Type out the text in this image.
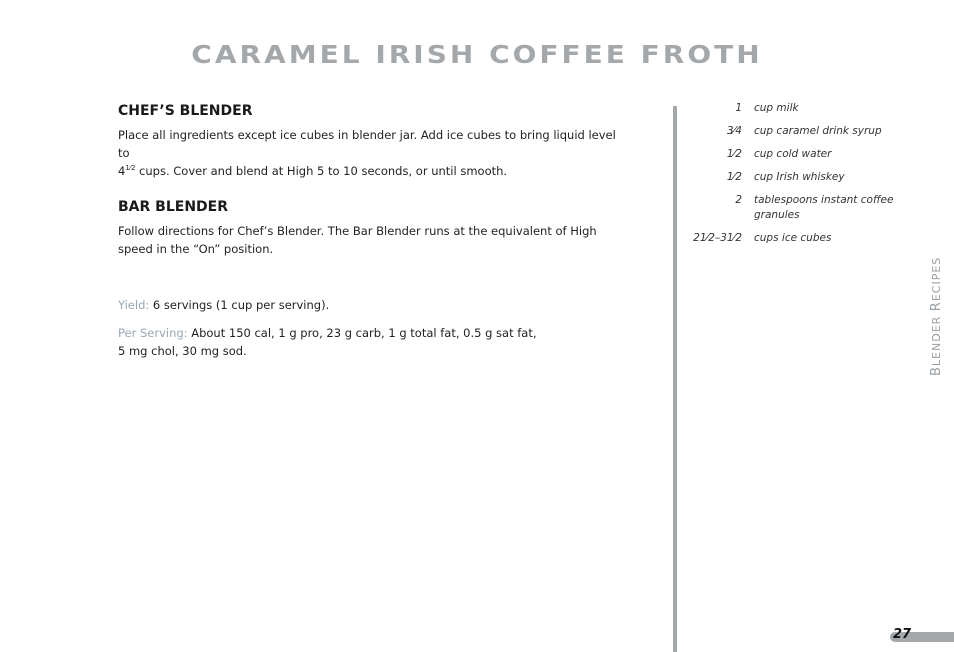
CARAMEL IRISH COFFEE FROTH
CHEF’S BLENDER

Place all ingredients except ice cubes in blender jar. Add ice cubes to bring liquid level to
$4^{1⁄2}$ cups. Cover and blend at High 5 to 10 seconds, or until smooth.

BAR BLENDER

Follow directions for Chef’s Blender. The Bar Blender runs at the equivalent of High speed in the “On” position.

Yield: 6 servings (1 cup per serving).

Per Serving: About 150 cal, 1 g pro, 23 g carb, 1 g total fat, 0.5 g sat fat,
5 mg chol, 30 mg sod.

1	cup milk
3⁄4	cup caramel drink syrup
1⁄2	cup cold water
1⁄2	cup Irish whiskey
2	tablespoons instant coffee granules
21⁄2–31⁄2	cups ice cubes
BLENDER RECIPES
27
